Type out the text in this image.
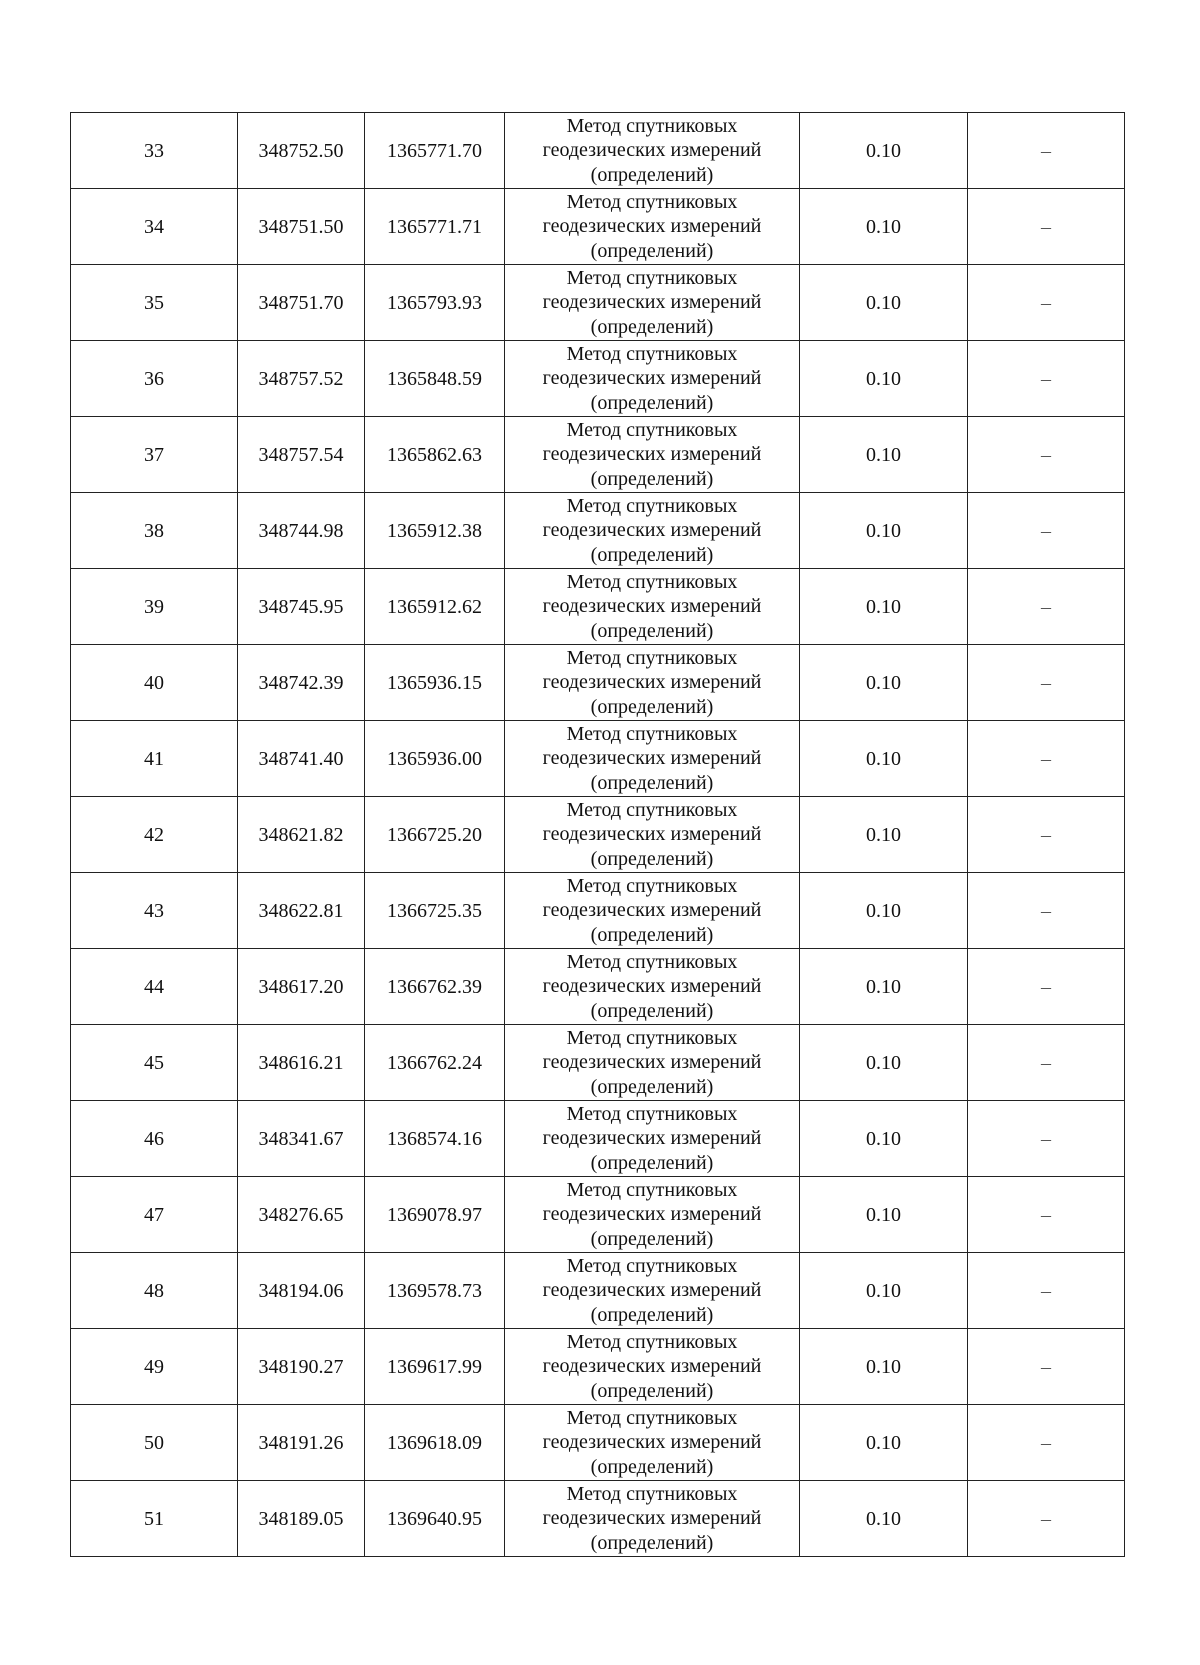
33	348752.50	1365771.70	Метод спутниковых геодезических измерений (определений)	0.10	–
34	348751.50	1365771.71	Метод спутниковых геодезических измерений (определений)	0.10	–
35	348751.70	1365793.93	Метод спутниковых геодезических измерений (определений)	0.10	–
36	348757.52	1365848.59	Метод спутниковых геодезических измерений (определений)	0.10	–
37	348757.54	1365862.63	Метод спутниковых геодезических измерений (определений)	0.10	–
38	348744.98	1365912.38	Метод спутниковых геодезических измерений (определений)	0.10	–
39	348745.95	1365912.62	Метод спутниковых геодезических измерений (определений)	0.10	–
40	348742.39	1365936.15	Метод спутниковых геодезических измерений (определений)	0.10	–
41	348741.40	1365936.00	Метод спутниковых геодезических измерений (определений)	0.10	–
42	348621.82	1366725.20	Метод спутниковых геодезических измерений (определений)	0.10	–
43	348622.81	1366725.35	Метод спутниковых геодезических измерений (определений)	0.10	–
44	348617.20	1366762.39	Метод спутниковых геодезических измерений (определений)	0.10	–
45	348616.21	1366762.24	Метод спутниковых геодезических измерений (определений)	0.10	–
46	348341.67	1368574.16	Метод спутниковых геодезических измерений (определений)	0.10	–
47	348276.65	1369078.97	Метод спутниковых геодезических измерений (определений)	0.10	–
48	348194.06	1369578.73	Метод спутниковых геодезических измерений (определений)	0.10	–
49	348190.27	1369617.99	Метод спутниковых геодезических измерений (определений)	0.10	–
50	348191.26	1369618.09	Метод спутниковых геодезических измерений (определений)	0.10	–
51	348189.05	1369640.95	Метод спутниковых геодезических измерений (определений)	0.10	–
